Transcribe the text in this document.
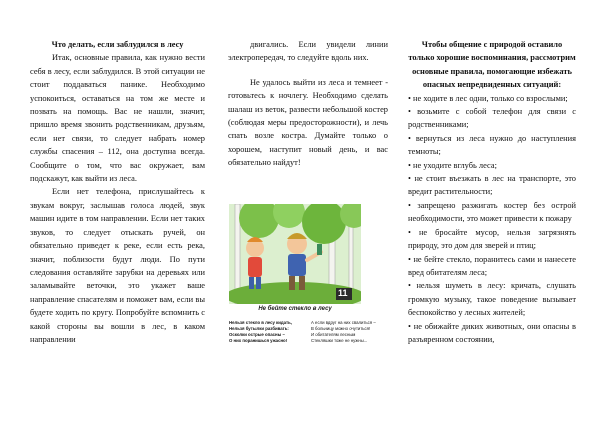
Что делать, если заблудился в лесу

Итак, основные правила, как нужно вести себя в лесу, если заблудился. В этой ситуации не стоит поддаваться панике. Необходимо успокоиться, оставаться на том же месте и позвать на помощь. Вас не нашли, значит, пришло время звонить родственникам, друзьям, если нет связи, то следует набрать номер службы спасения – 112, она доступна всегда. Сообщите о том, что вас окружает, вам подскажут, как выйти из леса.

Если нет телефона, прислушайтесь к звукам вокруг, заслышав голоса людей, звук машин идите в том направлении. Если нет таких звуков, то следует отыскать ручей, он обязательно приведет к реке, если есть река, значит, поблизости будут люди. По пути следования оставляйте зарубки на деревьях или заламывайте веточки, это укажет ваше направление спасателям и поможет вам, если вы будете ходить по кругу. Попробуйте вспомнить с какой стороны вы вошли в лес, в каком направлении

двигались. Если увидели линии электропередач, то следуйте вдоль них.

Не удалось выйти из леса и темнеет - готовьтесь к ночлегу. Необходимо сделать шалаш из веток, развести небольшой костер (соблюдая меры предосторожности), и лечь спать возле костра. Думайте только о хорошем, наступит новый день, и вас обязательно найдут!

11
Не бейте стекло в лесу
Нельзя стекло в лесу кидать,
Нельзя бутылки разбивать:
Осколки острые опасны –
О них поранишься ужасно!
А если вдруг на них свалиться –
В больницу можно очутиться!
И обитателям лесным
Стекляшки тоже не нужны...

Чтобы общение с природой оставило только хорошие воспоминания, рассмотрим основные правила, помогающие избежать опасных непредвиденных ситуаций:

• не ходите в лес одни, только со взрослыми;
• возьмите с собой телефон для связи с родственниками;
• вернуться из леса нужно до наступления темноты;
• не уходите вглубь леса;
• не стоит въезжать в лес на транспорте, это вредит растительности;
• запрещено разжигать костер без острой необходимости, это может привести к пожару
• не бросайте мусор, нельзя загрязнять природу, это дом для зверей и птиц;
• не бейте стекло, поранитесь сами и нанесете вред обитателям леса;
• нельзя шуметь в лесу: кричать, слушать громкую музыку, такое поведение вызывает беспокойство у лесных жителей;
• не обижайте диких животных, они опасны в разъяренном состоянии,
